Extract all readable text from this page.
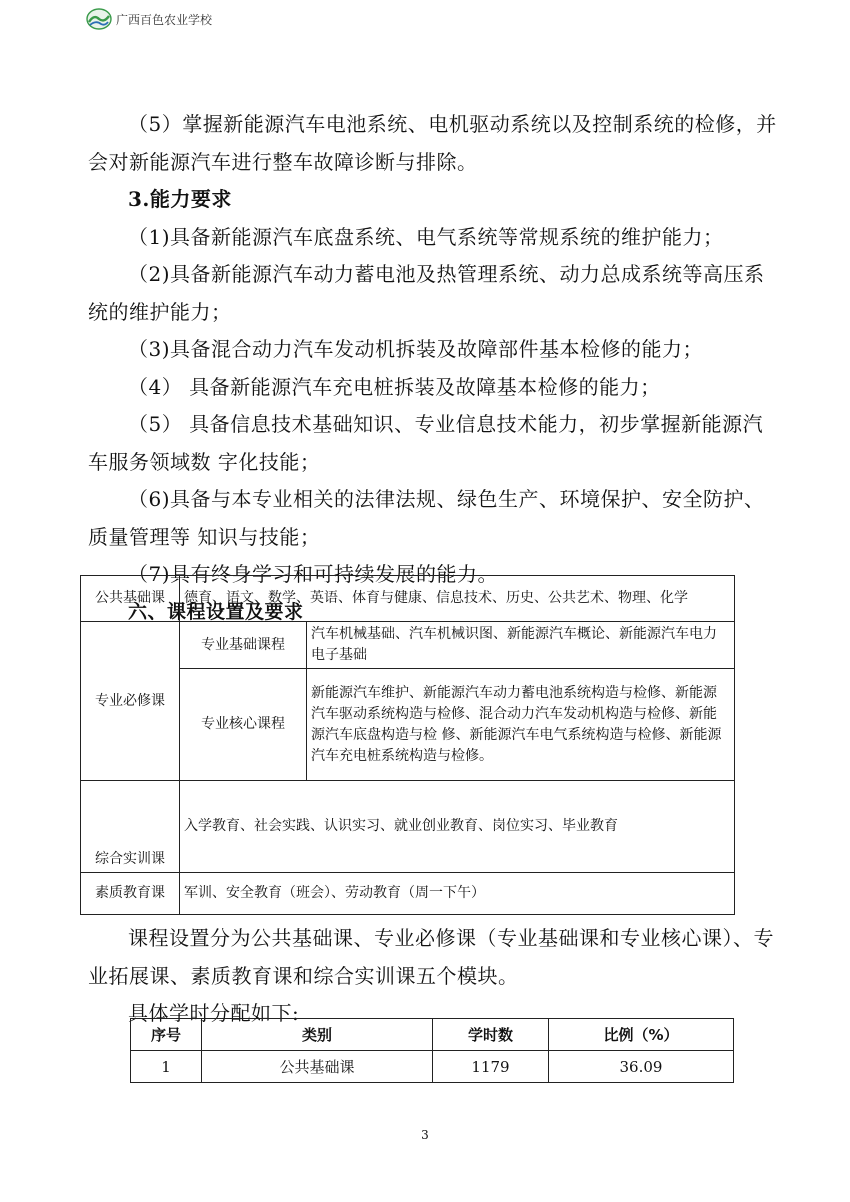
广西百色农业学校

（5）掌握新能源汽车电池系统、电机驱动系统以及控制系统的检修，并会对新能源汽车进行整车故障诊断与排除。

3.能力要求

（1)具备新能源汽车底盘系统、电气系统等常规系统的维护能力；

（2)具备新能源汽车动力蓄电池及热管理系统、动力总成系统等高压系统的维护能力；

（3)具备混合动力汽车发动机拆装及故障部件基本检修的能力；

（4） 具备新能源汽车充电桩拆装及故障基本检修的能力；

（5） 具备信息技术基础知识、专业信息技术能力，初步掌握新能源汽车服务领域数 字化技能；

（6)具备与本专业相关的法律法规、绿色生产、环境保护、安全防护、质量管理等 知识与技能；

（7)具有终身学习和可持续发展的能力。

六、课程设置及要求

公共基础课	德育、语文、数学、英语、体育与健康、信息技术、历史、公共艺术、物理、化学	
专业必修课	专业基础课程	汽车机械基础、汽车机械识图、新能源汽车概论、新能源汽车电力电子基础
	专业核心课程	新能源汽车维护、新能源汽车动力蓄电池系统构造与检修、新能源 汽车驱动系统构造与检修、混合动力汽车发动机构造与检修、新能源汽车底盘构造与检 修、新能源汽车电气系统构造与检修、新能源汽车充电桩系统构造与检修。
综合实训课	入学教育、社会实践、认识实习、就业创业教育、岗位实习、毕业教育	
素质教育课	军训、安全教育（班会）、劳动教育（周一下午）	

课程设置分为公共基础课、专业必修课（专业基础课和专业核心课）、专业拓展课、素质教育课和综合实训课五个模块。

具体学时分配如下:

序号	类别	学时数	比例（%）
1	公共基础课	1179	36.09
3
